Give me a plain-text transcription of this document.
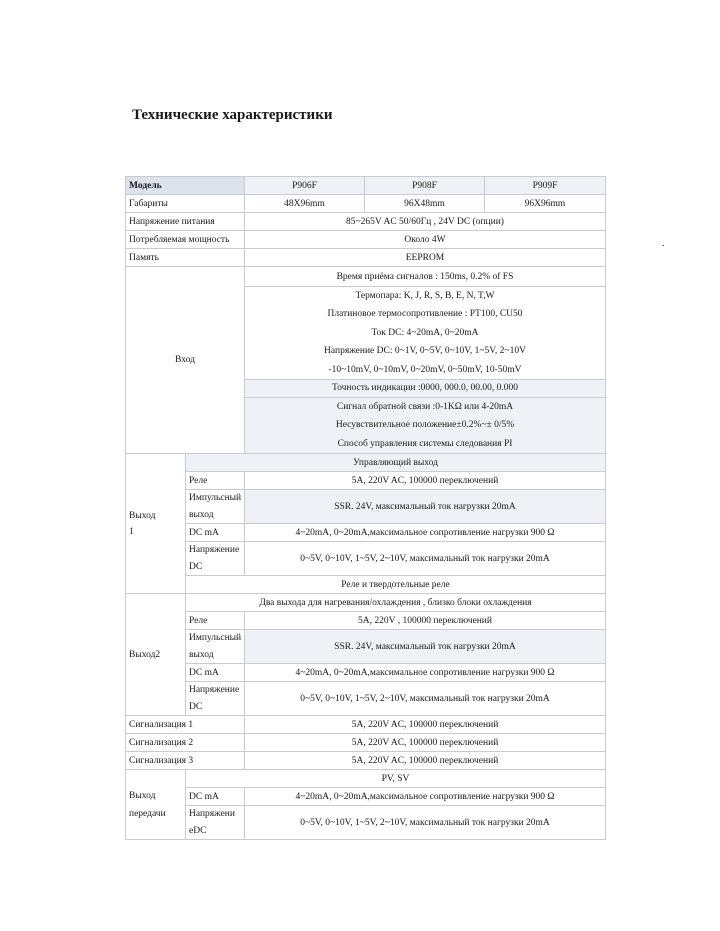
Технические характеристики
.
Модель		P906F	P908F	P909F
Габариты		48X96mm	96X48mm	96X96mm
Напряжение питания		85~265V AC 50/60Гц , 24V DC (опции)		
Потребляемая мощность		Около 4W		
Память		EEPROM		
Вход		Время приёма сигналов : 150ms, 0.2% of FS		

		Термопара: K, J, R, S, B, E, N, T,W
Платиновое термосопротивление : PT100, CU50
Ток DC: 4~20mA, 0~20mA
Напряжение DC: 0~1V, 0~5V, 0~10V, 1~5V, 2~10V
-10~10mV, 0~10mV, 0~20mV, 0~50mV, 10-50mV		

		Точность индикации :0000, 000.0, 00.00, 0.000		

		Сигнал обратной связи :0-1KΩ или 4-20mA
Несувствительное положение±0.2%~± 0/5%
Способ управления системы следования PI		

Выход
1	Управляющий выход			
	Реле	5A, 220V AC, 100000 переключений		

	Импульсный
выход	SSR. 24V, максимальный ток нагрузки 20mA		
	DC mA	4~20mA, 0~20mA,максимальное сопротивление нагрузки 900 Ω		

	Напряжение
DC	0~5V, 0~10V, 1~5V, 2~10V, максимальный ток нагрузки 20mA		
	Реле и твердотельные реле			
Выход2	Два выхода для нагревания/охлаждения , близко блоки охлаждения			
	Реле	5A, 220V , 100000 переключений		

	Импульсный
выход	SSR. 24V, максимальный ток нагрузки 20mA		
	DC mA	4~20mA, 0~20mA,максимальное сопротивление нагрузки 900 Ω		

	Напряжение
DC	0~5V, 0~10V, 1~5V, 2~10V, максимальный ток нагрузки 20mA		
Сигнализация 1		5A, 220V AC, 100000 переключений		
Сигнализация 2		5A, 220V AC, 100000 переключений		
Сигнализация 3		5A, 220V AC, 100000 переключений		

Выход
передачи	PV, SV			
	DC mA	4~20mA, 0~20mA,максимальное сопротивление нагрузки 900 Ω		

	Напряжени
eDC	0~5V, 0~10V, 1~5V, 2~10V, максимальный ток нагрузки 20mA		
